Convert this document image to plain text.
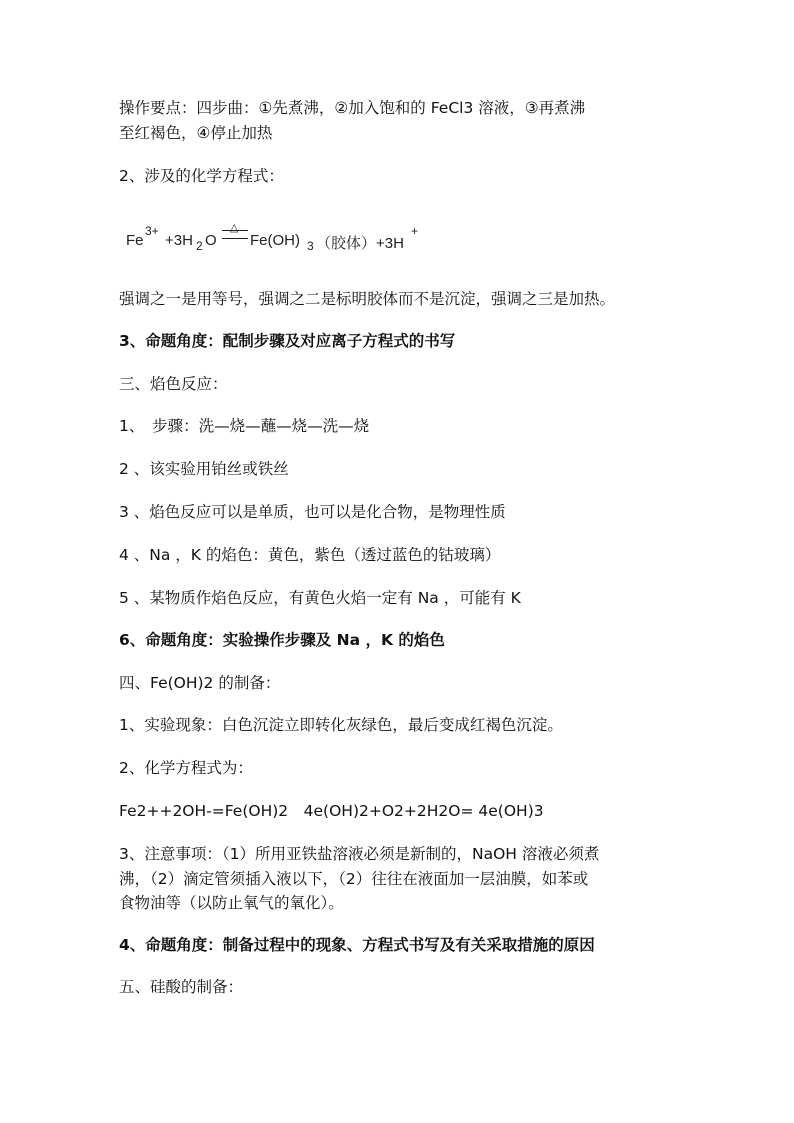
操作要点：四步曲：①先煮沸，②加入饱和的 FeCl3 溶液，③再煮沸
至红褐色，④停止加热
2、涉及的化学方程式：
Fe
3+
+3H 2 O
△
Fe(OH) 3 （胶体）+3H
+
强调之一是用等号，强调之二是标明胶体而不是沉淀，强调之三是加热。
3、命题角度：配制步骤及对应离子方程式的书写
三、焰色反应：
1、　步骤：洗—烧—蘸—烧—洗—烧
2 、该实验用铂丝或铁丝
3 、焰色反应可以是单质，也可以是化合物，是物理性质
4 、Na ，K 的焰色：黄色，紫色（透过蓝色的钴玻璃）
5 、某物质作焰色反应，有黄色火焰一定有 Na ，可能有 K
6、命题角度：实验操作步骤及 Na ，K 的焰色
四、Fe(OH)2 的制备：
1、实验现象：白色沉淀立即转化灰绿色，最后变成红褐色沉淀。
2、化学方程式为：
Fe2++2OH-=Fe(OH)2　4e(OH)2+O2+2H2O= 4e(OH)3
3、注意事项：（1）所用亚铁盐溶液必须是新制的，NaOH 溶液必须煮
沸，（2）滴定管须插入液以下，（2）往往在液面加一层油膜，如苯或
食物油等（以防止氧气的氧化）。
4、命题角度：制备过程中的现象、方程式书写及有关采取措施的原因
五、硅酸的制备：
